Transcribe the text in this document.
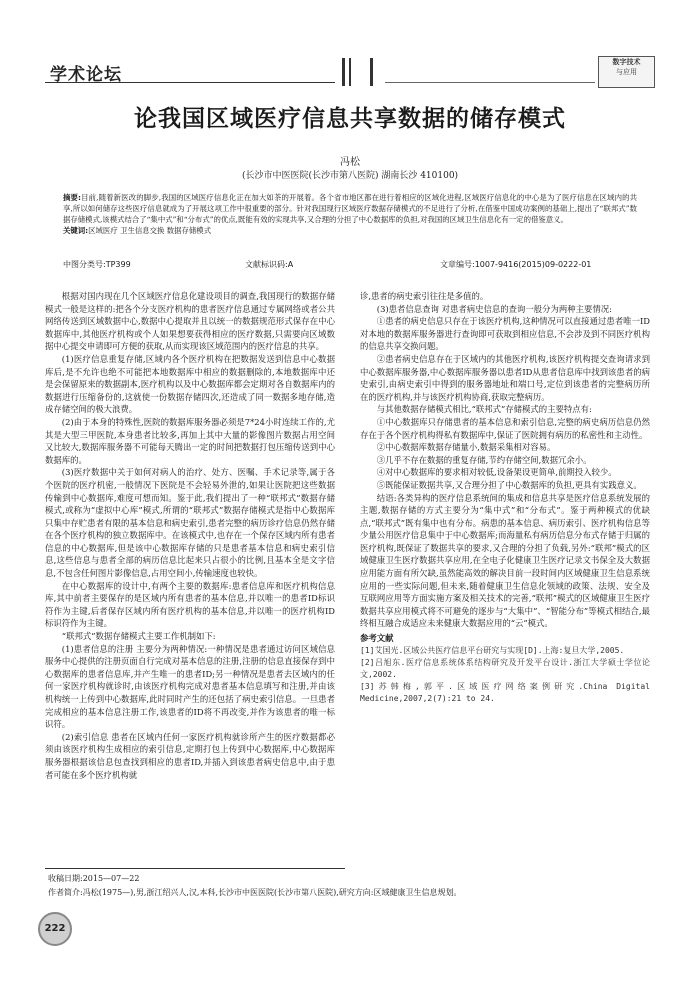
学术论坛
数字技术
与应用
论我国区域医疗信息共享数据的储存模式
冯松
(长沙市中医医院(长沙市第八医院) 湖南长沙 410100)
摘要:目前,随着新医改的脚步,我国的区域医疗信息化正在加大如茶的开展着。各个省市地区都在进行着相应的区域化进程,区域医疗信息化的中心是为了医疗信息在区域内的共享,所以如何储存这些医疗信息就成为了开展这项工作中很重要的部分。针对我国现行区域医疗数据存储模式的不足进行了分析,在借鉴中国成功案例的基础上,提出了“联邦式”数据存储模式,该模式结合了“集中式”和“分布式”的优点,既能有效的实现共享,又合理的分担了中心数据库的负担,对我国的区域卫生信息化有一定的借鉴意义。
关键词:区域医疗 卫生信息交换 数据存储模式
中图分类号:TP399	文献标识码:A	文章编号:1007-9416(2015)09-0222-01

根据对国内现在几个区域医疗信息化建设项目的调查,我国现行的数据存储模式一般是这样的:把各个分支医疗机构的患者医疗信息通过专属网络或者公共网络传送到区域数据中心,数据中心提取并且以统一的数据规范形式保存在中心数据库中,其他医疗机构或个人如果想要获得相应的医疗数据,只需要向区域数据中心提交申请即可方便的获取,从而实现该区域范围内的医疗信息的共享。

(1)医疗信息重复存储,区域内各个医疗机构在把数据发送到信息中心数据库后,是不允许也绝不可能把本地数据库中相应的数据删除的,本地数据库中还是会保留原来的数据副本,医疗机构以及中心数据库都会定期对各自数据库内的数据进行压缩备份的,这就使一份数据存储四次,还造成了同一数据多地存储,造成存储空间的极大浪费。

(2)由于本身的特殊性,医院的数据库服务器必须是7*24小时连续工作的,尤其是大型三甲医院,本身患者比较多,再加上其中大量的影像图片数据占用空间又比较大,数据库服务器不可能每天腾出一定的时间把数据打包压缩传送到中心数据库的。

(3)医疗数据中关于如何对病人的治疗、处方、医嘱、手术记录等,属于各个医院的医疗机密,一般情况下医院是不会轻易外泄的,如果让医院把这些数据传输到中心数据库,难度可想而知。鉴于此,我们提出了一种“联邦式”数据存储模式,或称为“虚拟中心库”模式,所谓的“联邦式”数据存储模式是指中心数据库只集中存贮患者有限的基本信息和病史索引,患者完整的病历诊疗信息仍然存储在各个医疗机构的独立数据库中。在该模式中,也存在一个保存区域内所有患者信息的中心数据库,但是该中心数据库存储的只是患者基本信息和病史索引信息,这些信息与患者全部的病历信息比起来只占很小的比例,且基本全是文字信息,不包含任何图片影像信息,占用空间小,传输速度也较快。

在中心数据库的设计中,有两个主要的数据库:患者信息库和医疗机构信息库,其中前者主要保存的是区域内所有患者的基本信息,并以唯一的患者ID标识符作为主键,后者保存区域内所有医疗机构的基本信息,并以唯一的医疗机构ID标识符作为主键。

“联邦式”数据存储模式主要工作机制如下:

(1)患者信息的注册 主要分为两种情况:一种情况是患者通过访问区域信息服务中心提供的注册页面自行完成对基本信息的注册,注册的信息直接保存到中心数据库的患者信息库,并产生唯一的患者ID;另一种情况是患者去区域内的任何一家医疗机构就诊时,由该医疗机构完成对患者基本信息填写和注册,并由该机构统一上传到中心数据库,此时同时产生的还包括了病史索引信息。一旦患者完成相应的基本信息注册工作,该患者的ID将不再改变,并作为该患者的唯一标识符。

(2)索引信息 患者在区域内任何一家医疗机构就诊所产生的医疗数据都必须由该医疗机构生成相应的索引信息,定期打包上传到中心数据库,中心数据库服务器根据该信息包查找到相应的患者ID,并插入到该患者病史信息中,由于患者可能在多个医疗机构就

诊,患者的病史索引往往是多值的。

(3)患者信息查询 对患者病史信息的查询一般分为两种主要情况:

①患者的病史信息只存在于该医疗机构,这种情况可以直接通过患者唯一ID对本地的数据库服务器进行查询即可获取到相应信息,不会涉及到不同医疗机构的信息共享交换问题。

②患者病史信息存在于区域内的其他医疗机构,该医疗机构提交查询请求到中心数据库服务器,中心数据库服务器以患者ID从患者信息库中找到该患者的病史索引,由病史索引中得到的服务器地址和端口号,定位到该患者的完整病历所在的医疗机构,并与该医疗机构协商,获取完整病历。

与其他数据存储模式相比,“联邦式”存储模式的主要特点有:

①中心数据库只存储患者的基本信息和索引信息,完整的病史病历信息仍然存在于各个医疗机构得私有数据库中,保证了医院拥有病历的私密性和主动性。

②中心数据库数据存储量小,数据采集相对容易。

③几乎不存在数据的重复存储,节约存储空间,数据冗余小。

④对中心数据库的要求相对较低,设备架设更简单,前期投入较少。

⑤既能保证数据共享,又合理分担了中心数据库的负担,更具有实践意义。

结语:各类异构的医疗信息系统间的集成和信息共享是医疗信息系统发展的主题,数据存储的方式主要分为“集中式”和“分布式”。鉴于两种模式的优缺点,“联邦式”既有集中也有分布。病患的基本信息、病历索引、医疗机构信息等少量公用医疗信息集中于中心数据库;而海量私有病历信息分布式存储于归属的医疗机构,既保证了数据共享的要求,又合理的分担了负载,另外:“联邦”模式的区域健康卫生医疗数据共享应用,在全电子化健康卫生医疗记录文书保全及大数据应用能方面有所欠缺,虽然能高效的解决目前一段时间内区域健康卫生信息系统应用的一些实际问题,但未来,随着健康卫生信息化领域的政策、法规、安全及互联网应用等方面实施方案及相关技术的完善,“联邦”模式的区域健康卫生医疗数据共享应用模式将不可避免的逐步与“大集中”、“智能分布”等模式相结合,最终相互融合成适应未来健康大数据应用的“云”模式。

参考文献

[1]艾国光.区域公共医疗信息平台研究与实现[D].上海:复旦大学,2005.

[2]吕旭东.医疗信息系统体系结构研究及开发平台设计.浙江大学硕士学位论文,2002.

[3]苏韩梅,郭平.区域医疗网络案例研究.China Digital Medicine,2007,2(7):21 to 24.

收稿日期:2015—07—22
作者简介:冯松(1975—),男,浙江绍兴人,汉,本科,长沙市中医医院(长沙市第八医院),研究方向:区域健康卫生信息规划。
222
